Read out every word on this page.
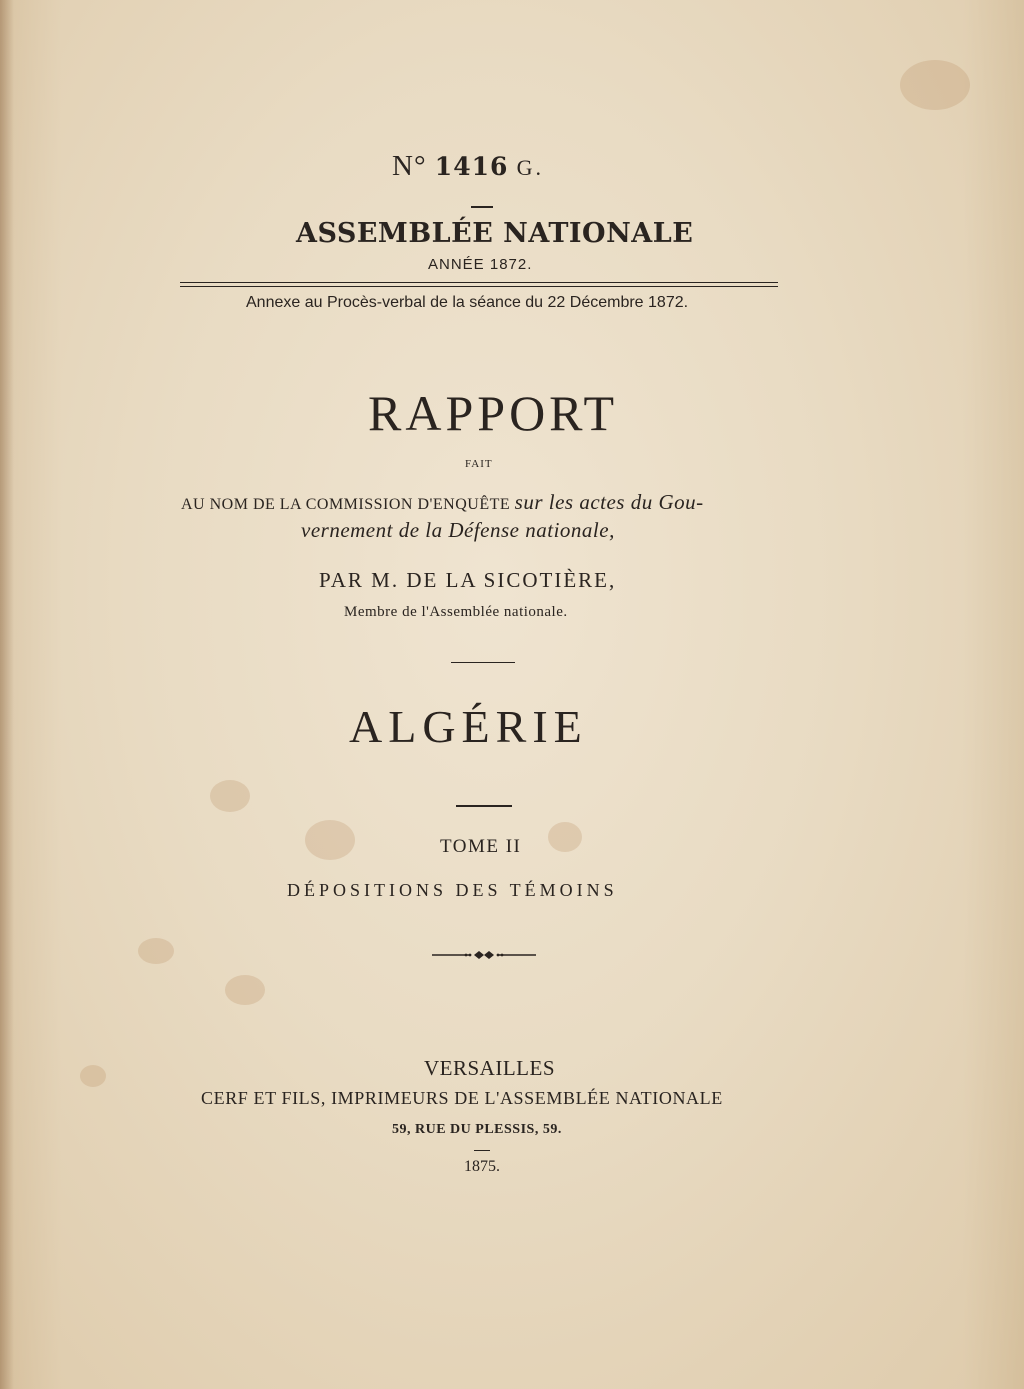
N° 1416 G.
ASSEMBLÉE NATIONALE
ANNÉE 1872.
Annexe au Procès-verbal de la séance du 22 Décembre 1872.
RAPPORT
FAIT
AU NOM DE LA COMMISSION D'ENQUÊTE sur les actes du Gou-
vernement de la Défense nationale,
PAR M. DE LA SICOTIÈRE,
Membre de l'Assemblée nationale.
ALGÉRIE
TOME II
DÉPOSITIONS DES TÉMOINS
VERSAILLES
CERF ET FILS, IMPRIMEURS DE L'ASSEMBLÉE NATIONALE
59, RUE DU PLESSIS, 59.
1875.
